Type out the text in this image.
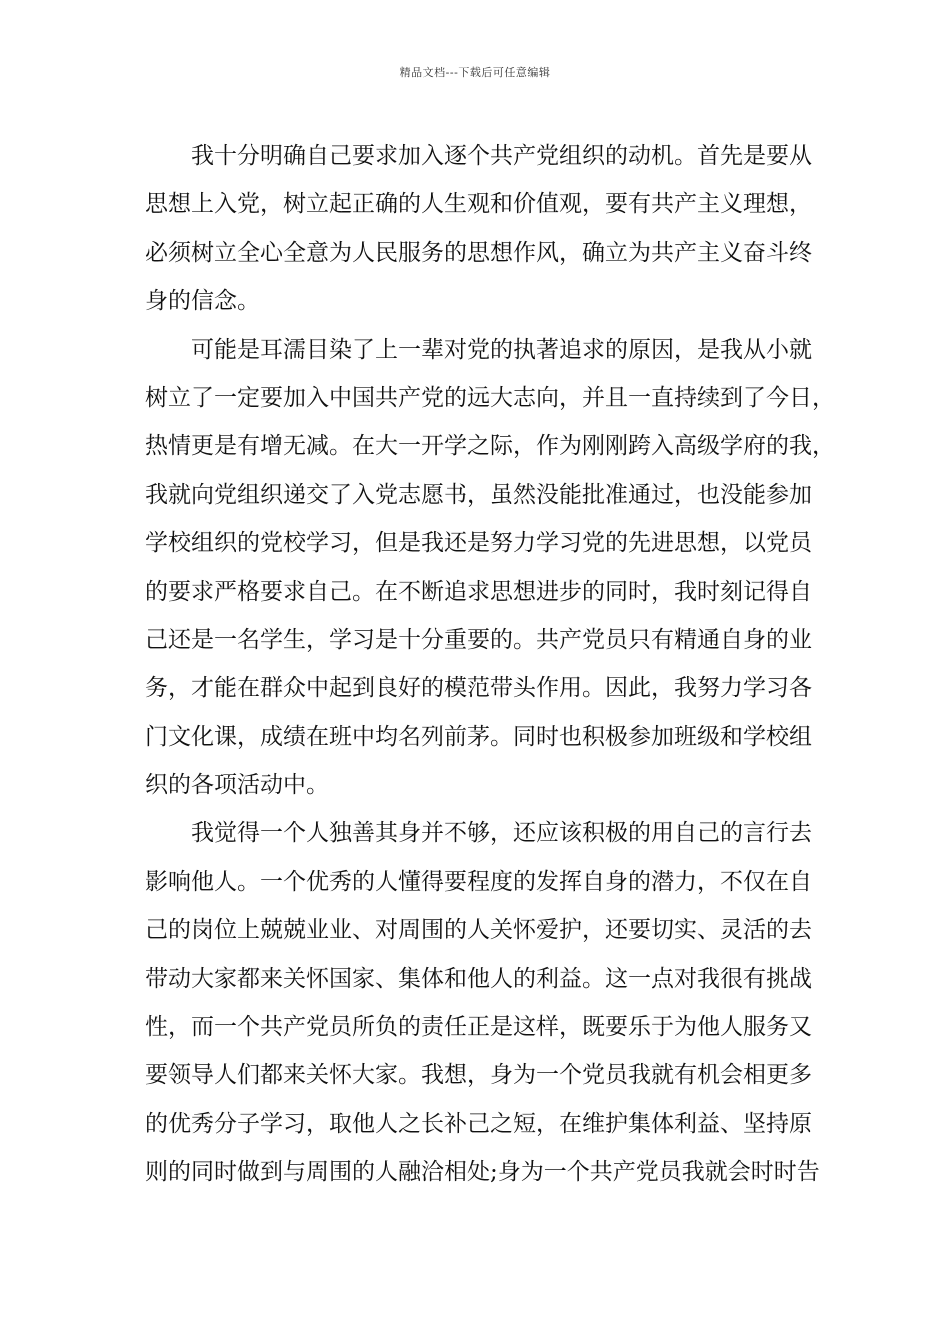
精品文档---下载后可任意编辑
我十分明确自己要求加入逐个共产党组织的动机。首先是要从
思想上入党，树立起正确的人生观和价值观，要有共产主义理想，
必须树立全心全意为人民服务的思想作风，确立为共产主义奋斗终
身的信念。
可能是耳濡目染了上一辈对党的执著追求的原因，是我从小就
树立了一定要加入中国共产党的远大志向，并且一直持续到了今日，
热情更是有增无减。在大一开学之际，作为刚刚跨入高级学府的我，
我就向党组织递交了入党志愿书，虽然没能批准通过，也没能参加
学校组织的党校学习，但是我还是努力学习党的先进思想，以党员
的要求严格要求自己。在不断追求思想进步的同时，我时刻记得自
己还是一名学生，学习是十分重要的。共产党员只有精通自身的业
务，才能在群众中起到良好的模范带头作用。因此，我努力学习各
门文化课，成绩在班中均名列前茅。同时也积极参加班级和学校组
织的各项活动中。
我觉得一个人独善其身并不够，还应该积极的用自己的言行去
影响他人。一个优秀的人懂得要程度的发挥自身的潜力，不仅在自
己的岗位上兢兢业业、对周围的人关怀爱护，还要切实、灵活的去
带动大家都来关怀国家、集体和他人的利益。这一点对我很有挑战
性，而一个共产党员所负的责任正是这样，既要乐于为他人服务又
要领导人们都来关怀大家。我想，身为一个党员我就有机会相更多
的优秀分子学习，取他人之长补己之短，在维护集体利益、坚持原
则的同时做到与周围的人融洽相处;身为一个共产党员我就会时时告
